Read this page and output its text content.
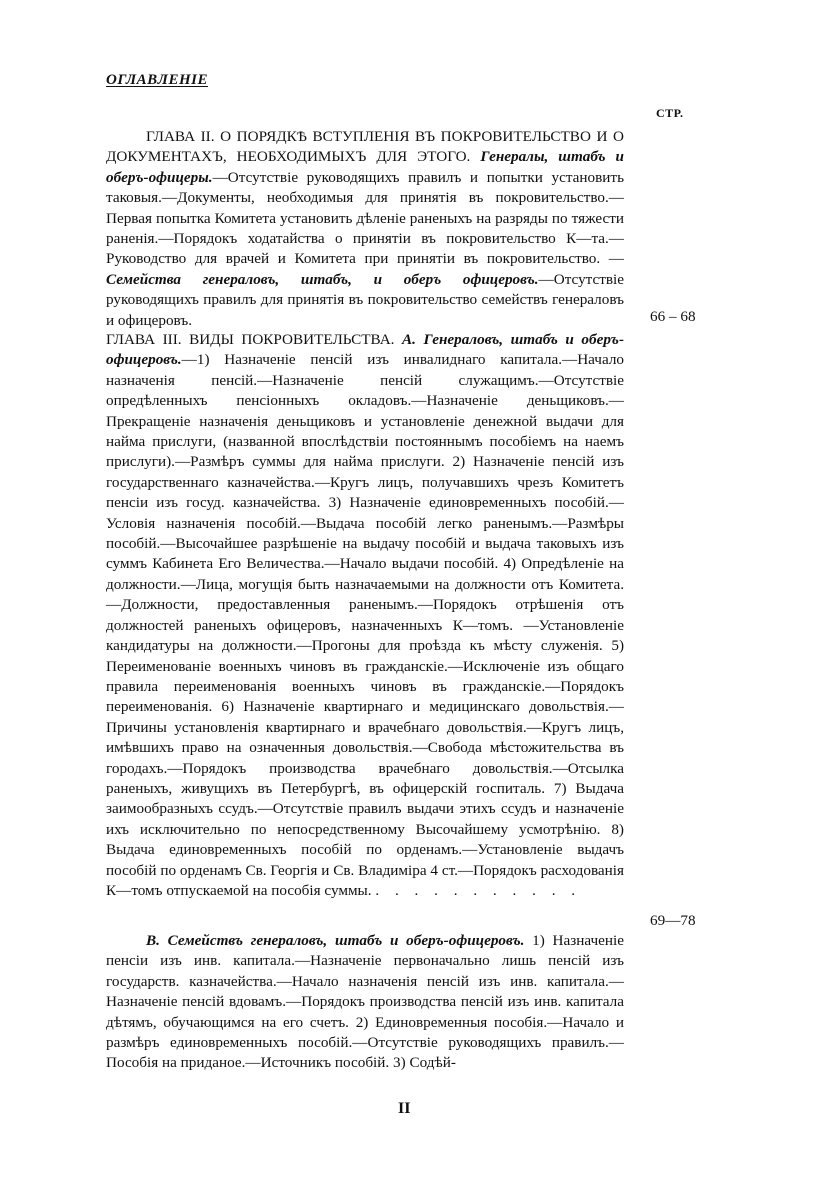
ОГЛАВЛЕНІЕ
СТР.

ГЛАВА II. О ПОРЯДКѢ ВСТУПЛЕНІЯ ВЪ ПОКРОВИТЕЛЬСТВО И О ДОКУМЕНТАХЪ, НЕОБХОДИМЫХЪ ДЛЯ ЭТОГО. Генералы, штабъ и оберъ-офицеры.—Отсутствіе руководящихъ правилъ и попытки установить таковыя.—Документы, необходимыя для принятія въ покровительство.—Первая попытка Комитета установить дѣленіе раненыхъ на разряды по тяжести раненія.—Порядокъ ходатайства о принятіи въ покровительство К—та.—Руководство для врачей и Комитета при принятіи въ покровительство. — Семейства генераловъ, штабъ, и оберъ офицеровъ.—Отсутствіе руководящихъ правилъ для принятія въ покровительство семействъ генераловъ и офицеровъ.	66 – 68

ГЛАВА III. ВИДЫ ПОКРОВИТЕЛЬСТВА. А. Генераловъ, штабъ и оберъ-офицеровъ.—1) Назначеніе пенсій изъ инвалиднаго капитала.—Начало назначенія пенсій.—Назначеніе пенсій служащимъ.—Отсутствіе опредѣленныхъ пенсіонныхъ окладовъ.—Назначеніе деньщиковъ.—Прекращеніе назначенія деньщиковъ и установленіе денежной выдачи для найма прислуги, (названной впослѣдствіи постояннымъ пособіемъ на наемъ прислуги).—Размѣръ суммы для найма прислуги. 2) Назначеніе пенсій изъ государственнаго казначейства.—Кругъ лицъ, получавшихъ чрезъ Комитетъ пенсіи изъ госуд. казначейства. 3) Назначеніе единовременныхъ пособій.—Условія назначенія пособій.—Выдача пособій легко раненымъ.—Размѣры пособій.—Высочайшее разрѣшеніе на выдачу пособій и выдача таковыхъ изъ суммъ Кабинета Его Величества.—Начало выдачи пособій. 4) Опредѣленіе на должности.—Лица, могущія быть назначаемыми на должности отъ Комитета.—Должности, предоставленныя раненымъ.—Порядокъ отрѣшенія отъ должностей раненыхъ офицеровъ, назначенныхъ К—томъ. —Установленіе кандидатуры на должности.—Прогоны для проѣзда къ мѣсту служенія. 5) Переименованіе военныхъ чиновъ въ гражданскіе.—Исключеніе изъ общаго правила переименованія военныхъ чиновъ въ гражданскіе.—Порядокъ переименованія. 6) Назначеніе квартирнаго и медицинскаго довольствія.—Причины установленія квартирнаго и врачебнаго довольствія.—Кругъ лицъ, имѣвшихъ право на означенныя довольствія.—Свобода мѣстожительства въ городахъ.—Порядокъ производства врачебнаго довольствія.—Отсылка раненыхъ, живущихъ въ Петербургѣ, въ офицерскій госпиталь. 7) Выдача заимообразныхъ ссудъ.—Отсутствіе правилъ выдачи этихъ ссудъ и назначеніе ихъ исключительно по непосредственному Высочайшему усмотрѣнію. 8) Выдача единовременныхъ пособій по орденамъ.—Установленіе выдачъ пособій по орденамъ Св. Георгія и Св. Владиміра 4 ст.—Порядокъ расходованія К—томъ отпускаемой на пособія суммы. . . . . . . . . . . .

69—78

В. Семействъ генераловъ, штабъ и оберъ-офицеровъ. 1) Назначеніе пенсіи изъ инв. капитала.—Назначеніе первоначально лишь пенсій изъ государств. казначейства.—Начало назначенія пенсій изъ инв. капитала.—Назначеніе пенсій вдовамъ.—Порядокъ производства пенсій изъ инв. капитала дѣтямъ, обучающимся на его счетъ. 2) Единовременныя пособія.—Начало и размѣръ единовременныхъ пособій.—Отсутствіе руководящихъ правилъ.—Пособія на приданое.—Источникъ пособій. 3) Содѣй-

II
